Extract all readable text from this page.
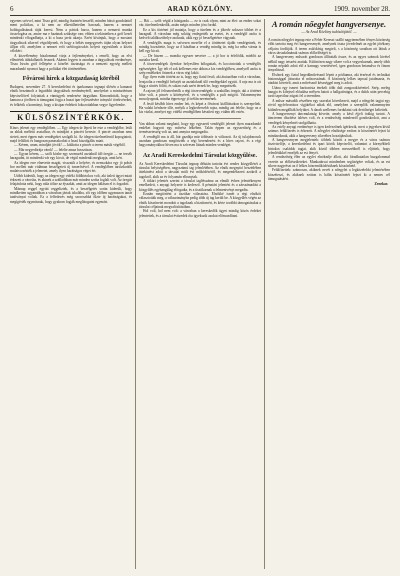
6	ARAD KÖZLÖNY.	1909. november 28.

egyenes szívvel, mint Tisza gróf, mindig őszintén beszélő, minden hátsó gondolattól ment politikus, a ki nem az elkerülhetetlen harcnak, hanem a nemzet boldogulásának útját keresi. Nem a pártok harca, hanem a nemzeti munka összefogása az, amire ma e hazának szüksége van; ebben a tekintetben a gróf kezét mindenki elfogadhatja, a ki a haza javát akarja. Ezért kívánjuk, hogy a mostani tárgyalások sikerrel végződjenek, és hogy a békés megegyezés útján olyan helyzet álljon elő, amelyben a nemzet erői szétforgácsolás helyett egyesülnek a közös célokért.

A közvélemény bizalommal várja a fejleményeket, s reméli, hogy az elvi ellentétek áthidalhatók lesznek. Akármi legyen is azonban a tárgyalások eredménye, Tisza István gróf fellépése a közélet tisztasága és a nemzeti egység mellett maradandó nyomot hagy a politikai élet történetében.

Fővárosi hírek a közgazdaság köréből

Budapest, november 27. A kereskedelmi és iparkamara tegnapi ülésén a kamarai elnök beszámolt a legutóbbi tárgyalások eredményéről, amelyeket a minisztérium képviselőivel folytattak a vámügyek rendezése tárgyában. Kimondották, hogy a kamara a jövőben is támogatni fogja a hazai ipar fejlesztésére irányuló törekvéseket, és felkérik a kormányt, hogy a kisipar érdekeit fokozottabban vegye figyelembe.

KÜLSŐSZÍNTÉRKÖK.

Kínos jelenet egy vendéglőben. — Egy idegen úr lépett be este a vendéglőbe, leült az ablak melletti asztalhoz, és mindjárt a pincért kereste. A pincér azonban nem sietett, mert éppen más vendégeket szolgált ki. Az idegen türelmetlenül kopogtatott, majd felállott és hangosan panaszkodott a lassú kiszolgálás miatt.

— Kérem, uram, mindjárt jövök! — kiáltotta a pincér a terem másik végéből.

— Már negyedórája várok! — felelte amaz bosszúsan.

— Ugyan kérem, — szólt közbe egy szomszéd asztalnál ülő öregúr — ne tessék haragudni, itt mindenki vár egy kicsit, de végül mindenki megkapja, amit kért.

Az idegen erre elnevette magát, visszaült a helyére, és nemsokára egy jó pohár bor mellett már vidáman beszélgetett új ismerősével. A vendéglőben tartózkodók mulatva nézték a jelenetet, amely ilyen barátságos véget ért.

Utóbb kiderült, hogy az idegen egy vidéki földbirtokos volt, aki üzleti ügyei miatt érkezett a városba, és akinek a szállodában már minden szoba foglalt volt. Az öregúr felajánlotta neki, hogy nála töltse az éjszakát, amit az idegen hálásan el is fogadott.

Másnap reggel együtt reggeliztek, és a beszélgetés során kiderült, hogy mindketten ugyanabban a városban jártak iskolába, sőt egy időben ugyanazon tanár tanítványai voltak. Ez a felfedezés még szorosabbá fűzte új barátságukat, és megígérték egymásnak, hogy gyakran fogják meglátogatni egymást.

— Hát — szólt végül a házigazda — ez is csak olyan, mint az élet: az ember sokat vár, türelmetlenkedik, aztán mégis minden jóra fordul.

Ez a kis történet jól mutatja, hogy a türelem és a jókedv sokszor többet ér a haragnál. A városban még sokáig emlegették az esetet, és a vendéglő azóta is kedvelt találkozóhelye azoknak, akik egy jó beszélgetésre vágynak.

A vendéglős maga is szívesen mesélte el a történetet újabb vendégeinek, és mindig hozzátette, hogy az ő házában a vendég mindig úr, még ha néha várnia is kell egy kicsit.

— De hiszen — mondta egyszer nevetve — a jó bor is érlelődik, mielőtt az asztalra kerül.

A törzsvendégek ilyenkor helyeslően bólogattak, és koccintottak a vendéglős egészségére. Így telt el sok kellemes este abban a kis vendéglőben, amelyről azóta is szép emlékeket őriznek a város régi lakói.

Egy ilyen estén történt az is, hogy egy fiatal festő, aki átutazóban volt a városban, lerajzolta a vendéglő belsejét az asztaloknál ülő vendégekkel együtt. A rajz ma is ott függ a söntés fölött, és sokan csak azért térnek be, hogy megnézzék.

A rajzon jól felismerhetők a régi törzsvendégek: a szakállas öregúr, aki a történet hőse volt, a pincér a kötényével, és a vendéglős a pult mögött. Valamennyien mosolyognak, mintha éppen egy jó tréfán nevetnének.

A festő később híres ember lett, és képei a fővárosi kiállításokon is szerepeltek. Ha valaki kérdezte tőle, melyik a legkedvesebb rajza, mindig azt felelte, hogy az a kis vázlat, amelyet egy vidéki vendéglőben készített egy vidám téli estén.

Van abban valami megható, hogy egy egyszerű vendéglői jelenet ilyen maradandó emléket hagyott egy művész lelkében. Talán éppen az egyszerűség és a természetesség volt az, ami annyira megragadta.

A vendéglő ma is áll, bár gazdája már többször is változott. Az új tulajdonosok azonban gondosan megőrizték a régi berendezést és a híres rajzot, és a régi hagyományokhoz híven ma is szívesen látnak minden vendéget.

Az Aradi Kereskedelmi Társulat közgyűlése.

Az Aradi Kereskedelmi Társulat tegnap délután tartotta évi rendes közgyűlését a társulat helyiségében, nagyszámú tag jelenlétében. Az elnök megnyitó beszédében áttekintést adott a társulat múlt évi működéséről, és megemlékezett azokról a tagokról, akik az év folyamán elhunytak.

A titkári jelentés szerint a társulat taglétszáma az elmúlt évben jelentékenyen emelkedett, s anyagi helyzete is kedvező. A pénztári jelentést és a zárszámadást a közgyűlés egyhangúlag elfogadta, és a tisztikarnak a felmentvényt megadta.

Ezután megtörtént a tisztikar választása. Elnökké ismét a régi elnököt választották meg, a választmányba pedig több új tag került be. A közgyűlés végén az elnök köszönetet mondott a tagoknak a bizalomért, és kérte további támogatásukat a társulat céljainak megvalósításában.

Hol volt, hol nem volt: a városban a kereskedők ügyei mindig közös érdeket jelentettek, és a társulat évtizedek óta igyekszik azokat előmozdítani.

A román nőegylet hangversenye.
— Az Arad Közlöny tudósítójától. —

A román nőegylet tegnap este a Fehér Kereszt szálló nagytermében fényes közönség előtt tartotta meg évi hangversenyét, amelynek tiszta jövedelmét az egylet jótékony céljaira fordítják. A terem zsúfolásig megtelt, s a közönség soraiban ott láttuk a város társadalmának számos előkelőségét is.

A hangverseny műsorát gondosan állították össze, és az egyes számok kivétel nélkül nagy tetszést arattak. Különösen nagy sikere volt a vegyeskarnak, amely több román népdalt adott elő a karnagy vezetésével, igen gondosan betanulva és finom árnyalással.

Elsőnek egy fiatal hegedűművésznő lépett a pódiumra, aki érzéssel és technikai biztonsággal játszotta el műsorszámát. A közönség lelkes tapssal jutalmazta, és ráadást követelt, amit a művésznő készséggel meg is adott.

Utána egy ismert baritonista énekelt több dalt zongorakísérettel. Szép, meleg hangja és kifejező előadása mélyen hatott a hallgatóságra, és a dalok után percekig tartó tapsvihar zúgott fel a teremben.

A műsor második részében egy szavalat következett, majd a nőegylet tagjai egy rövid egyfelvonásos vígjátékot adtak elő, amelyben a szereplők valamennyien kitűnően megállták helyüket. A darab szellemes fordulatai sok derültséget keltettek.

A hangversenyt táncmulatság követte, amely a késő éjjeli órákig tartott. A táncterem díszítése ízléses volt, és a rendezőség mindenről gondoskodott, ami a vendégek kényelmét szolgálhatta.

Az estély anyagi eredménye is igen kedvezőnek ígérkezik, mert a jegyeken kívül számos felülfizetés is érkezett. A nőegylet elnöksége ezúton is köszönetét fejezi ki mindazoknak, akik a hangverseny sikeréhez hozzájárultak.

A hangversenyen megjelentek: többek között a megye és a város számos tisztviselője, a kereskedelmi és ipari körök képviselői, valamint a környékbeli birtokos családok tagjai, akik közül többen messzebbről is eljöttek, hogy jelenlétükkel emeljék az est fényét.

A rendezőség élén az egylet elnöknője állott, aki fáradhatatlan buzgalommal vezette az előkészületeket. Munkatársai mindenben segítségére voltak, és az est sikere nagyrészt az ő lelkes közreműködésüknek köszönhető.

Felülfizettek: számosan, akiknek nevét a nőegylet a legközelebbi jelentésében közzéteszi, és akiknek ezúton is hálás köszönetét fejezi ki a nemes cél támogatásáért.

Zenekar.
